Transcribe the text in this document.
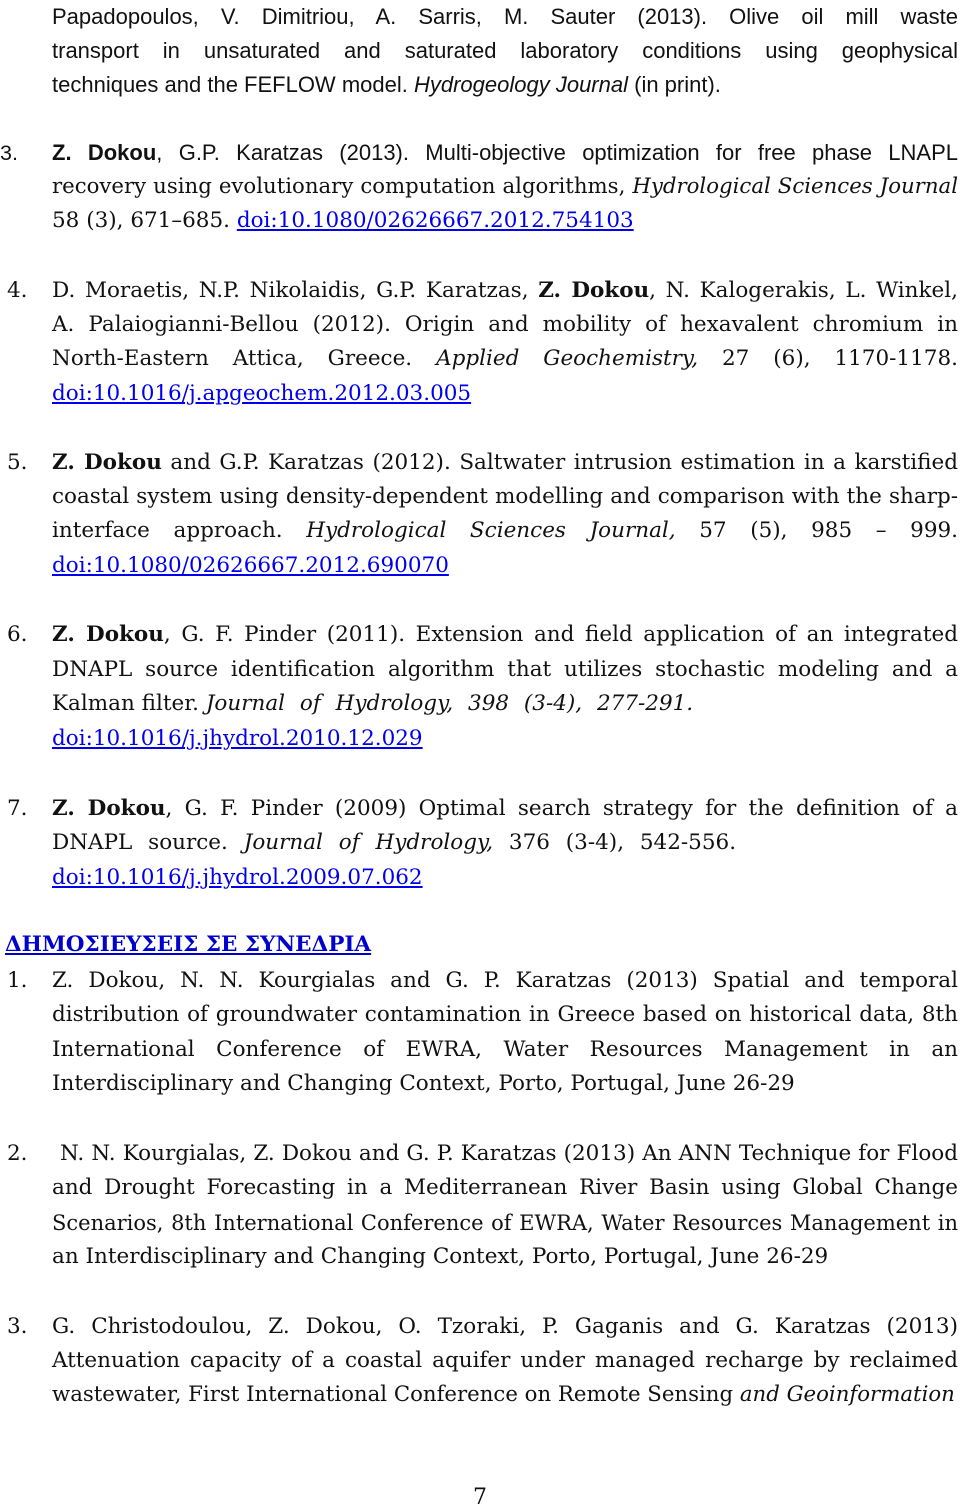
Papadopoulos, V. Dimitriou, A. Sarris, M. Sauter (2013). Olive oil mill waste
transport in unsaturated and saturated laboratory conditions using geophysical
techniques and the FEFLOW model. Hydrogeology Journal (in print).
3.	Z. Dokou, G.P. Karatzas (2013). Multi-objective optimization for free phase LNAPL
recovery using evolutionary computation algorithms, Hydrological Sciences Journal
58 (3), 671–685. doi:10.1080/02626667.2012.754103
4.	D. Moraetis, N.P. Nikolaidis, G.P. Karatzas, Z. Dokou, N. Kalogerakis, L. Winkel,
A. Palaiogianni-Bellou (2012). Origin and mobility of hexavalent chromium in
North-Eastern Attica, Greece. Applied Geochemistry, 27 (6), 1170-1178.
doi:10.1016/j.apgeochem.2012.03.005
5.	Z. Dokou and G.P. Karatzas (2012). Saltwater intrusion estimation in a karstified
coastal system using density-dependent modelling and comparison with the sharp-
interface approach. Hydrological Sciences Journal, 57 (5), 985 – 999.
doi:10.1080/02626667.2012.690070
6.	Z. Dokou, G. F. Pinder (2011). Extension and field application of an integrated
DNAPL source identification algorithm that utilizes stochastic modeling and a
Kalman filter. Journal of Hydrology, 398 (3-4), 277-291.
doi:10.1016/j.jhydrol.2010.12.029
7.	Z. Dokou, G. F. Pinder (2009) Optimal search strategy for the definition of a
DNAPL source. Journal of Hydrology, 376 (3-4), 542-556.
doi:10.1016/j.jhydrol.2009.07.062
ΔΗΜΟΣΙΕΥΣΕΙΣ ΣΕ ΣΥΝΕΔΡΙΑ
1.	Z. Dokou, N. N. Kourgialas and G. P. Karatzas (2013) Spatial and temporal
distribution of groundwater contamination in Greece based on historical data, 8th
International Conference of EWRA, Water Resources Management in an
Interdisciplinary and Changing Context, Porto, Portugal, June 26-29
2.	N. N. Kourgialas, Z. Dokou and G. P. Karatzas (2013) An ANN Technique for Flood
and Drought Forecasting in a Mediterranean River Basin using Global Change
Scenarios, 8th International Conference of EWRA, Water Resources Management in
an Interdisciplinary and Changing Context, Porto, Portugal, June 26-29
3.	G. Christodoulou, Z. Dokou, O. Tzoraki, P. Gaganis and G. Karatzas (2013)
Attenuation capacity of a coastal aquifer under managed recharge by reclaimed
wastewater, First International Conference on Remote Sensing and Geoinformation
7
